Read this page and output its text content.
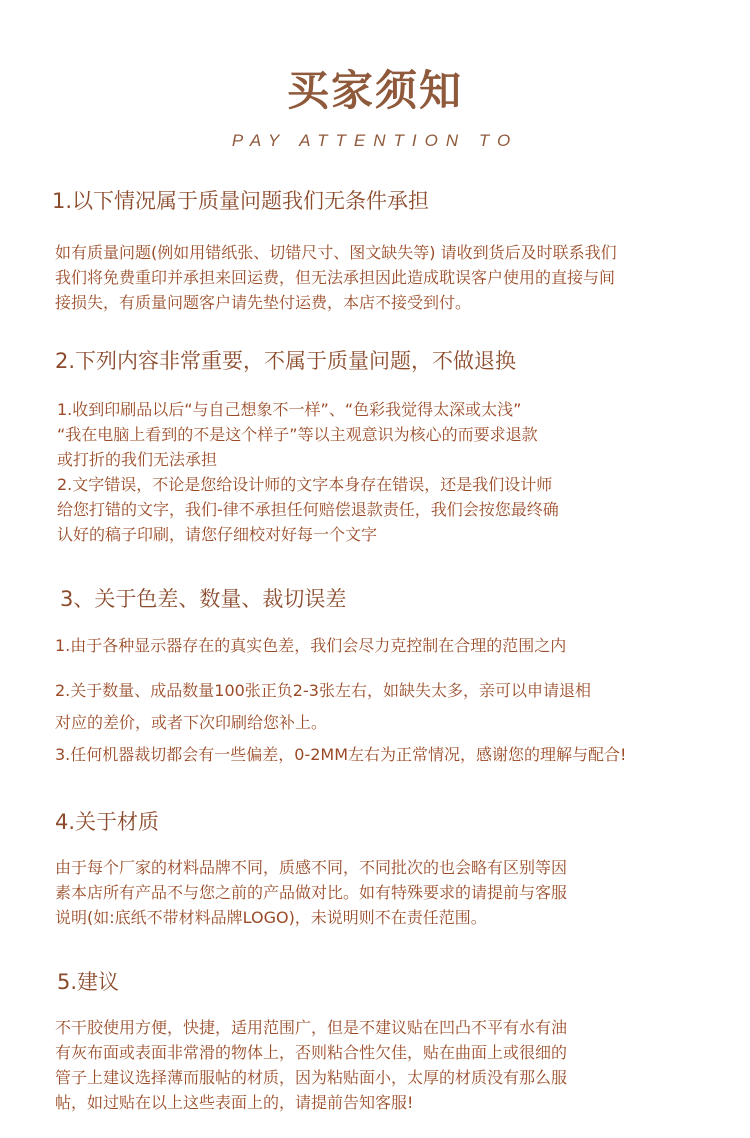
买家须知
PAY ATTENTION TO
1.以下情况属于质量问题我们无条件承担
如有质量问题(例如用错纸张、切错尺寸、图文缺失等) 请收到货后及时联系我们
我们将免费重印并承担来回运费，但无法承担因此造成耽误客户使用的直接与间
接损失，有质量问题客户请先垫付运费，本店不接受到付。
2.下列内容非常重要，不属于质量问题，不做退换
1.收到印刷品以后“与自己想象不一样”、“色彩我觉得太深或太浅”
“我在电脑上看到的不是这个样子”等以主观意识为核心的而要求退款
或打折的我们无法承担
2.文字错误，不论是您给设计师的文字本身存在错误，还是我们设计师
给您打错的文字，我们-律不承担任何赔偿退款责任，我们会按您最终确
认好的稿子印刷，请您仔细校对好每一个文字
3、关于色差、数量、裁切误差
1.由于各种显示器存在的真实色差，我们会尽力克控制在合理的范围之内
2.关于数量、成品数量100张正负2-3张左右，如缺失太多，亲可以申请退相
对应的差价，或者下次印刷给您补上。
3.任何机器裁切都会有一些偏差，0-2MM左右为正常情况，感谢您的理解与配合!
4.关于材质
由于每个厂家的材料品牌不同，质感不同，不同批次的也会略有区别等因
素本店所有产品不与您之前的产品做对比。如有特殊要求的请提前与客服
说明(如:底纸不带材料品牌LOGO)，未说明则不在责任范围。
5.建议
不干胶使用方便，快捷，适用范围广，但是不建议贴在凹凸不平有水有油
有灰布面或表面非常滑的物体上，否则粘合性欠佳，贴在曲面上或很细的
管子上建议选择薄而服帖的材质，因为粘贴面小，太厚的材质没有那么服
帖，如过贴在以上这些表面上的，请提前告知客服!
